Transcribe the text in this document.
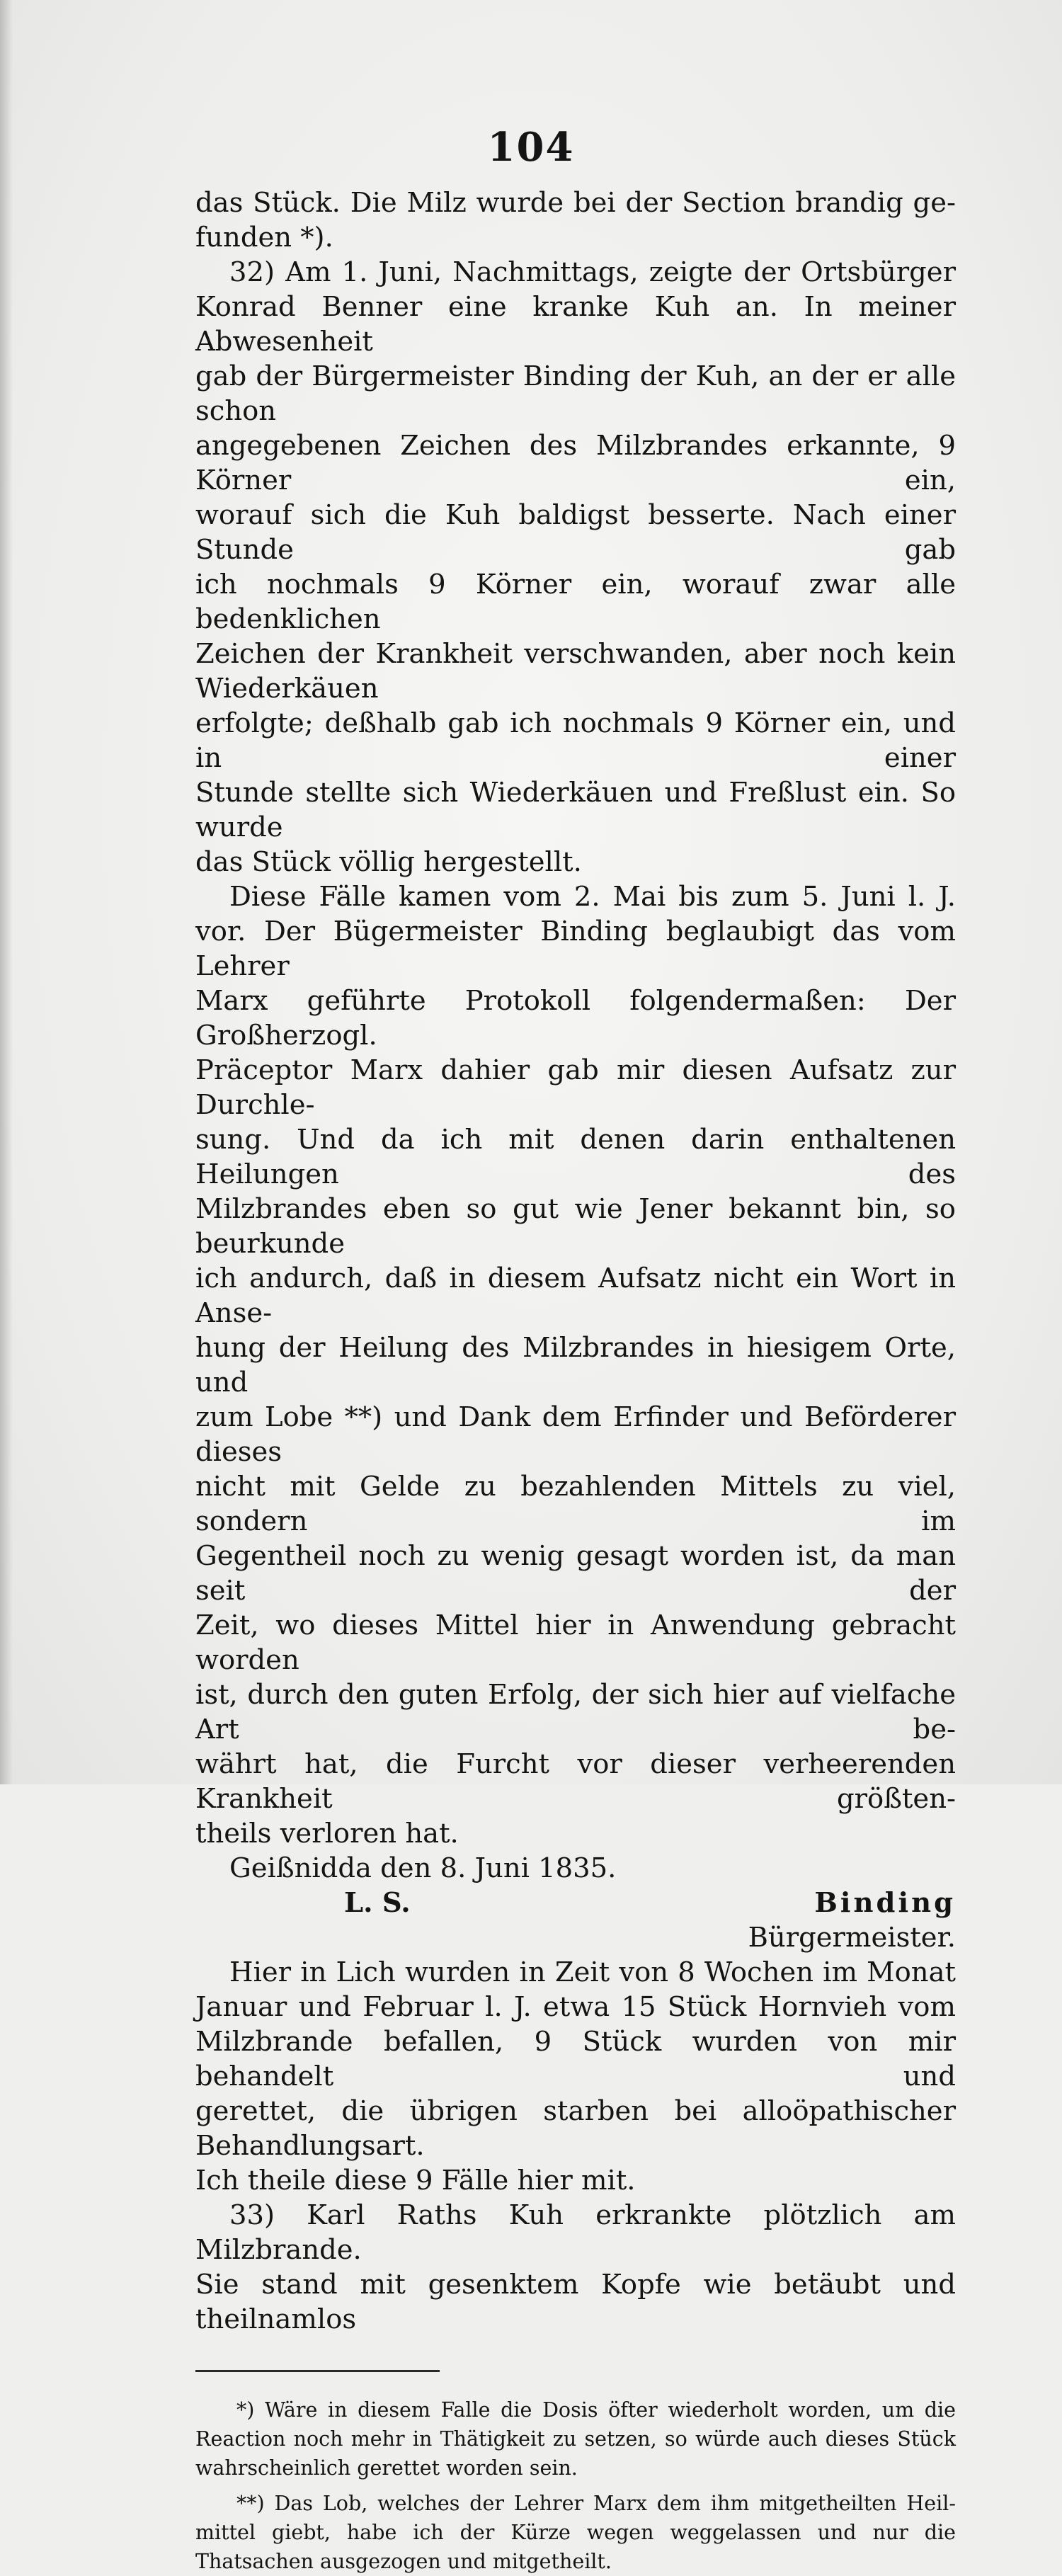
104

das Stück. Die Milz wurde bei der Section brandig ge-

funden *).

32) Am 1. Juni, Nachmittags, zeigte der Ortsbürger

Konrad Benner eine kranke Kuh an. In meiner Abwesenheit

gab der Bürgermeister Binding der Kuh, an der er alle schon

angegebenen Zeichen des Milzbrandes erkannte, 9 Körner ein,

worauf sich die Kuh baldigst besserte. Nach einer Stunde gab

ich nochmals 9 Körner ein, worauf zwar alle bedenklichen

Zeichen der Krankheit verschwanden, aber noch kein Wiederkäuen

erfolgte; deßhalb gab ich nochmals 9 Körner ein, und in einer

Stunde stellte sich Wiederkäuen und Freßlust ein. So wurde

das Stück völlig hergestellt.

Diese Fälle kamen vom 2. Mai bis zum 5. Juni l. J.

vor. Der Bügermeister Binding beglaubigt das vom Lehrer

Marx geführte Protokoll folgendermaßen: Der Großherzogl.

Präceptor Marx dahier gab mir diesen Aufsatz zur Durchle-

sung. Und da ich mit denen darin enthaltenen Heilungen des

Milzbrandes eben so gut wie Jener bekannt bin, so beurkunde

ich andurch, daß in diesem Aufsatz nicht ein Wort in Anse-

hung der Heilung des Milzbrandes in hiesigem Orte, und

zum Lobe **) und Dank dem Erfinder und Beförderer dieses

nicht mit Gelde zu bezahlenden Mittels zu viel, sondern im

Gegentheil noch zu wenig gesagt worden ist, da man seit der

Zeit, wo dieses Mittel hier in Anwendung gebracht worden

ist, durch den guten Erfolg, der sich hier auf vielfache Art be-

währt hat, die Furcht vor dieser verheerenden Krankheit größten-

theils verloren hat.

Geißnidda den 8. Juni 1835.

L. S.	Binding
Bürgermeister.

Hier in Lich wurden in Zeit von 8 Wochen im Monat

Januar und Februar l. J. etwa 15 Stück Hornvieh vom

Milzbrande befallen, 9 Stück wurden von mir behandelt und

gerettet, die übrigen starben bei alloöpathischer Behandlungsart.

Ich theile diese 9 Fälle hier mit.

33) Karl Raths Kuh erkrankte plötzlich am Milzbrande.

Sie stand mit gesenktem Kopfe wie betäubt und theilnamlos

*) Wäre in diesem Falle die Dosis öfter wiederholt worden, um die

Reaction noch mehr in Thätigkeit zu setzen, so würde auch dieses Stück

wahrscheinlich gerettet worden sein.

**) Das Lob, welches der Lehrer Marx dem ihm mitgetheilten Heil-

mittel giebt, habe ich der Kürze wegen weggelassen und nur die

Thatsachen ausgezogen und mitgetheilt.
